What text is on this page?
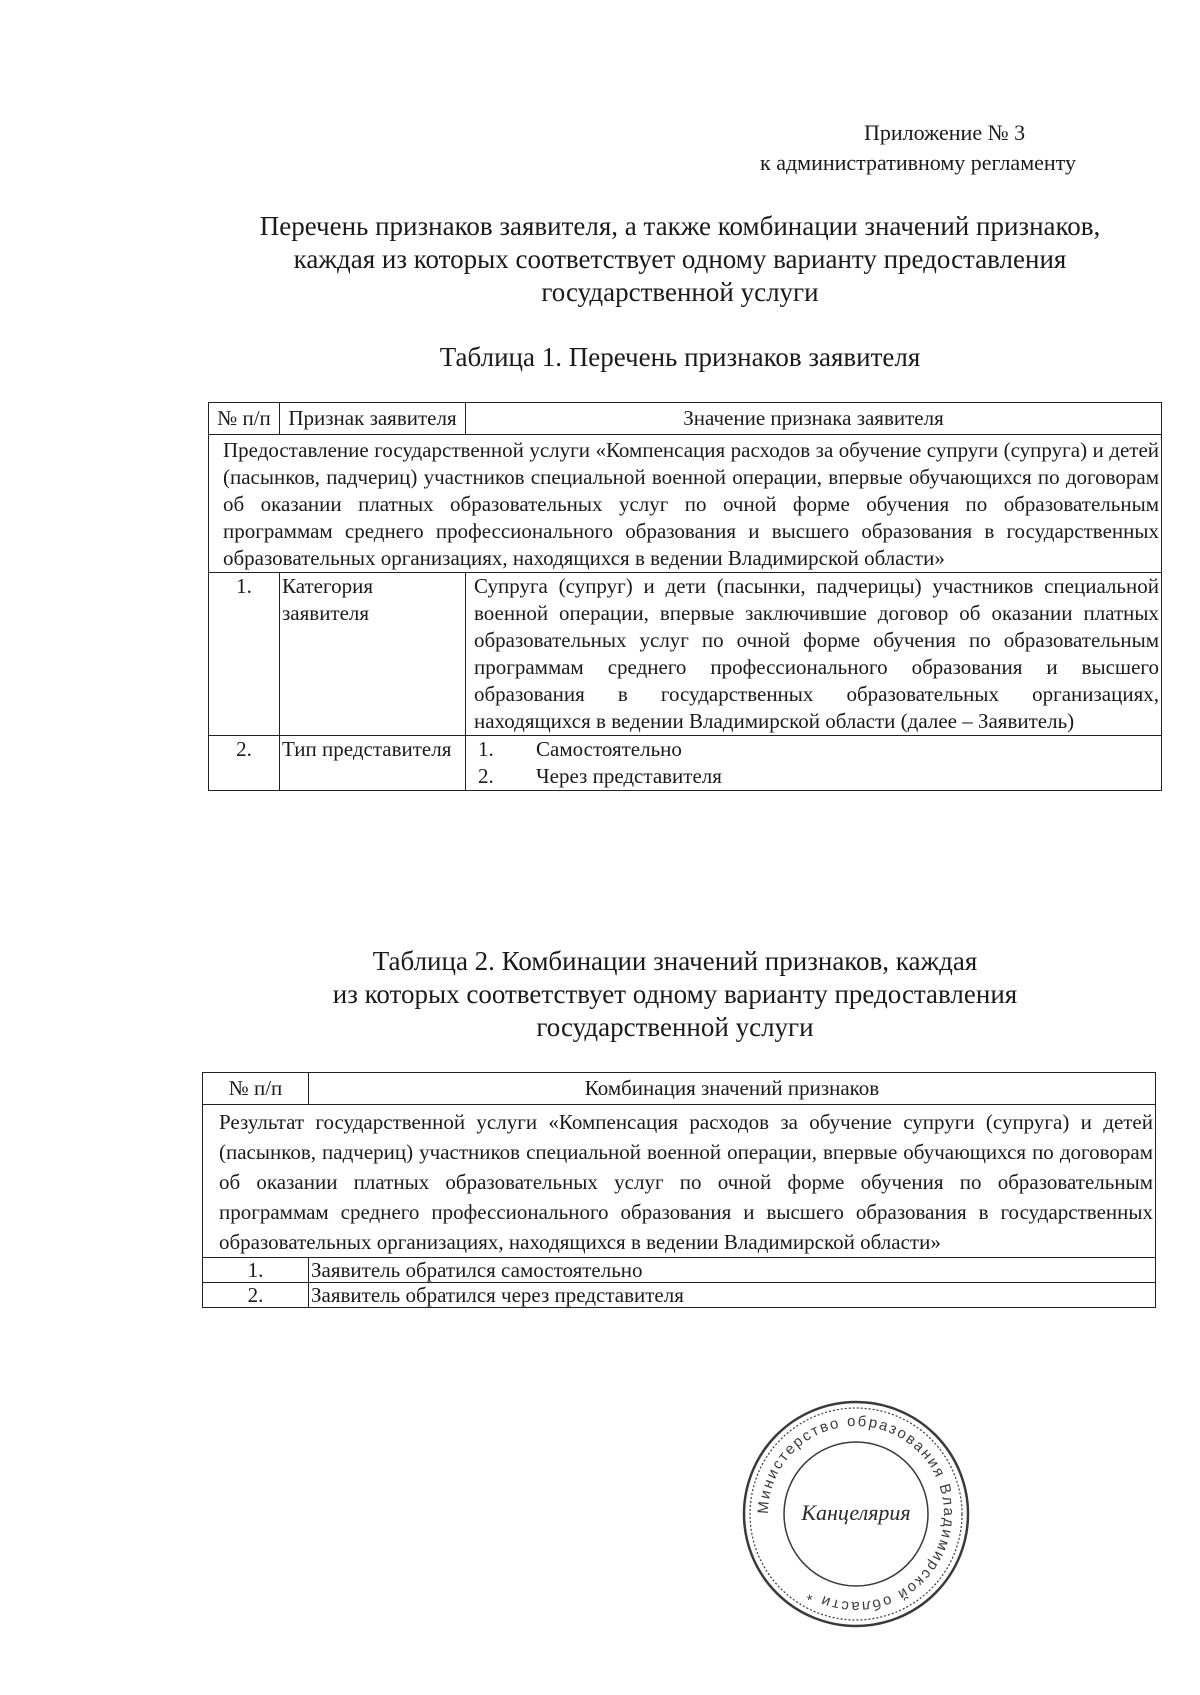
Приложение № 3
к административному регламенту
Перечень признаков заявителя, а также комбинации значений признаков,
каждая из которых соответствует одному варианту предоставления
государственной услуги
Таблица 1. Перечень признаков заявителя
№ п/п	Признак заявителя	Значение признака заявителя
Предоставление государственной услуги «Компенсация расходов за обучение супруги (супруга) и детей (пасынков, падчериц) участников специальной военной операции, впервые обучающихся по договорам об оказании платных образовательных услуг по очной форме обучения по образовательным программам среднего профессионального образования и высшего образования в государственных образовательных организациях, находящихся в ведении Владимирской области»		
1.	Категория заявителя	Супруга (супруг) и дети (пасынки, падчерицы) участников специальной военной операции, впервые заключившие договор об оказании платных образовательных услуг по очной форме обучения по образовательным программам среднего профессионального образования и высшего образования в государственных образовательных организациях, находящихся в ведении Владимирской области (далее – Заявитель)
2.	Тип представителя	1. Самостоятельно
2. Через представителя
Таблица 2. Комбинации значений признаков, каждая
из которых соответствует одному варианту предоставления
государственной услуги
№ п/п	Комбинация значений признаков
Результат государственной услуги «Компенсация расходов за обучение супруги (супруга) и детей (пасынков, падчериц) участников специальной военной операции, впервые обучающихся по договорам об оказании платных образовательных услуг по очной форме обучения по образовательным программам среднего профессионального образования и высшего образования в государственных образовательных организациях, находящихся в ведении Владимирской области»	
1.	Заявитель обратился самостоятельно
2.	Заявитель обратился через представителя
Министерство образования Владимирской области *
Канцелярия
